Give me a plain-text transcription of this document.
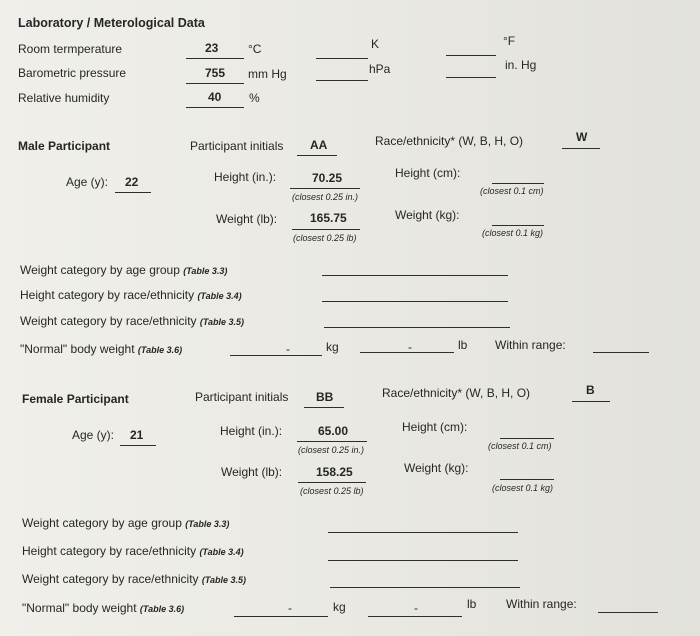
Laboratory / Meterological Data
Room termperature	23 °C	K	°F
Barometric pressure	755 mm Hg	hPa	in. Hg
Relative humidity	40 %
Male Participant	Participant initials AA	Race/ethnicity* (W, B, H, O)	W
Age (y): 22	Height (in.):	70.25
(closest 0.25 in.)
Height (cm):
(closest 0.1 cm)
Weight (lb):	165.75
(closest 0.25 lb)
Weight (kg):
(closest 0.1 kg)
Weight category by age group (Table 3.3)
Height category by race/ethnicity (Table 3.4)
Weight category by race/ethnicity (Table 3.5)
"Normal" body weight (Table 3.6)	-	kg	-	lb Within range:
Female Participant	Participant initials BB	Race/ethnicity* (W, B, H, O)	B
Age (y): 21	Height (in.):	65.00
(closest 0.25 in.)
Height (cm):
(closest 0.1 cm)
Weight (lb):	158.25
(closest 0.25 lb)
Weight (kg):
(closest 0.1 kg)
Weight category by age group (Table 3.3)
Height category by race/ethnicity (Table 3.4)
Weight category by race/ethnicity (Table 3.5)
"Normal" body weight (Table 3.6)	-	kg	-	lb Within range:
